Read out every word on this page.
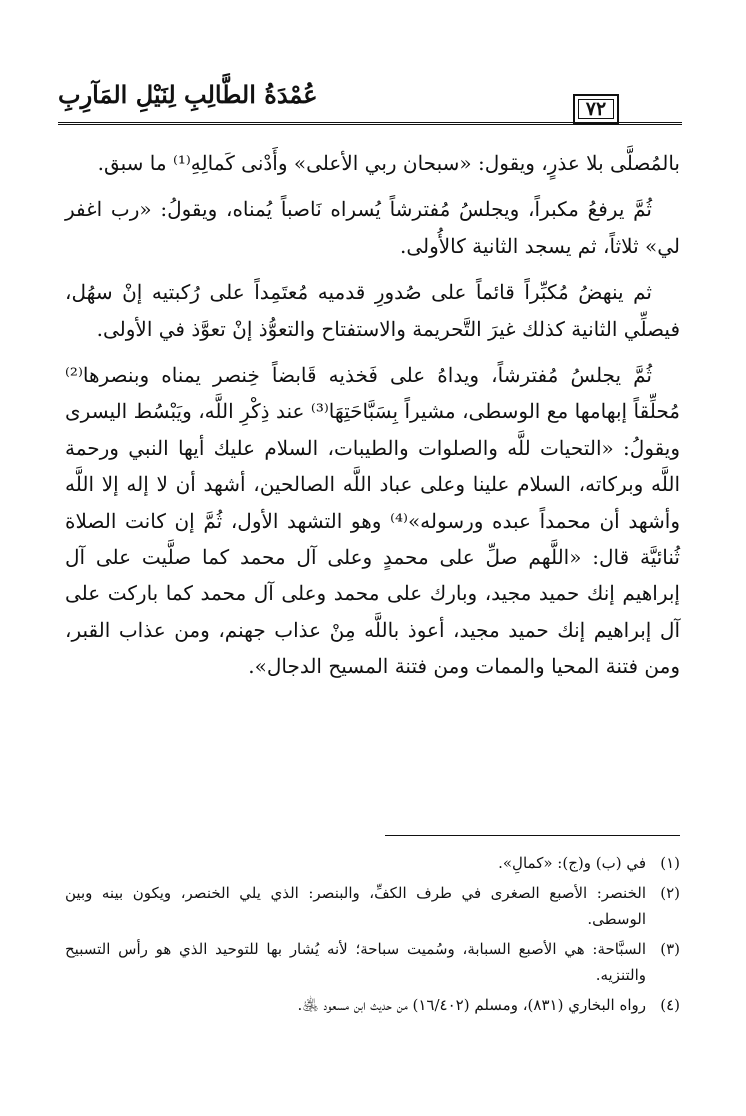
عُمْدَةُ الطَّالِبِ لِنَيْلِ المَآرِبِ	٧٢

بالمُصلَّى بلا عذرٍ، ويقول: «سبحان ربي الأعلى» وأَدْنى كَمالِهِ⁽¹⁾ ما سبق.

ثُمَّ يرفعُ مكبراً، ويجلسُ مُفترشاً يُسراه نَاصباً يُمناه، ويقولُ: «رب اغفر لي» ثلاثاً، ثم يسجد الثانية كالأُولى.

ثم ينهضُ مُكبِّراً قائماً على صُدورِ قدميه مُعتَمِداً على رُكبتيه إنْ سهُل، فيصلِّي الثانية كذلك غيرَ التَّحريمة والاستفتاح والتعوُّذ إنْ تعوَّذ في الأولى.

ثُمَّ يجلسُ مُفترشاً، ويداهُ على فَخذيه قَابضاً خِنصر يمناه وبنصرها⁽²⁾ مُحلِّقاً إبهامها مع الوسطى، مشيراً بِسَبَّاحَتِهَا⁽³⁾ عند ذِكْرِ اللَّه، ويَبْسُط اليسرى ويقولُ: «التحيات للَّه والصلوات والطيبات، السلام عليك أيها النبي ورحمة اللَّه وبركاته، السلام علينا وعلى عباد اللَّه الصالحين، أشهد أن لا إله إلا اللَّه وأشهد أن محمداً عبده ورسوله»⁽⁴⁾ وهو التشهد الأول، ثُمَّ إن كانت الصلاة ثُنائيَّة قال: «اللَّهم صلِّ على محمدٍ وعلى آل محمد كما صلَّيت على آل إبراهيم إنك حميد مجيد، وبارك على محمد وعلى آل محمد كما باركت على آل إبراهيم إنك حميد مجيد، أعوذ باللَّه مِنْ عذاب جهنم، ومن عذاب القبر، ومن فتنة المحيا والممات ومن فتنة المسيح الدجال».

(١)
في (ب) و(ج): «كمالِ».
(٢)
الخنصر: الأصبع الصغرى في طرف الكفِّ، والبنصر: الذي يلي الخنصر، ويكون بينه وبين الوسطى.
(٣)
السبَّاحة: هي الأصبع السبابة، وسُميت سباحة؛ لأنه يُشار بها للتوحيد الذي هو رأس التسبيح والتنزيه.
(٤)
رواه البخاري (٨٣١)، ومسلم (١٦/٤٠٢) من حديث ابن مسعود ﵁.
